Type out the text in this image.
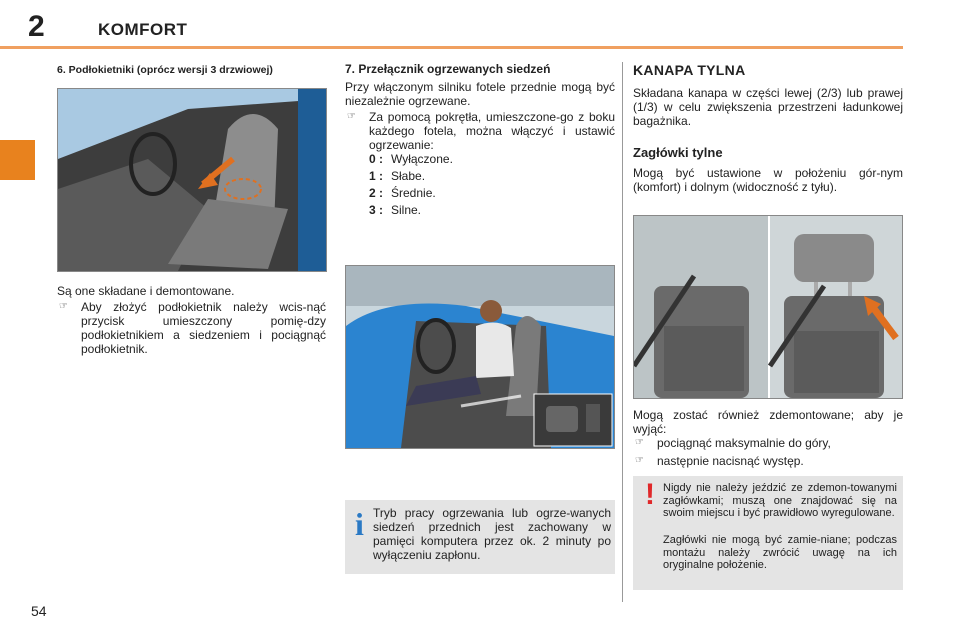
2	KOMFORT
6. Podłokietniki (oprócz wersji 3 drzwiowej)
Są one składane i demontowane.
☞ Aby złożyć podłokietnik należy wcis-nąć przycisk umieszczony pomię-dzy podłokietnikiem a siedzeniem i pociągnąć podłokietnik.
7. Przełącznik ogrzewanych siedzeń
Przy włączonym silniku fotele przednie mogą być niezależnie ogrzewane.
☞ Za pomocą pokrętła, umieszczone-go z boku każdego fotela, można włączyć i ustawić ogrzewanie:
0 : Wyłączone.
1 : Słabe.
2 : Średnie.
3 : Silne.
i Tryb pracy ogrzewania lub ogrze-wanych siedzeń przednich jest zachowany w pamięci komputera przez ok. 2 minuty po wyłączeniu zapłonu.
KANAPA TYLNA
Składana kanapa w części lewej (2/3) lub prawej (1/3) w celu zwiększenia przestrzeni ładunkowej bagażnika.
Zagłówki tylne
Mogą być ustawione w położeniu gór-nym (komfort) i dolnym (widoczność z tyłu).
Mogą zostać również zdemontowane; aby je wyjąć:
☞ pociągnąć maksymalnie do góry,
☞ następnie nacisnąć występ.
! Nigdy nie należy jeździć ze zdemon-towanymi zagłówkami; muszą one znajdować się na swoim miejscu i być prawidłowo wyregulowane.
Zagłówki nie mogą być zamie-niane; podczas montażu należy zwrócić uwagę na ich oryginalne położenie.
54
